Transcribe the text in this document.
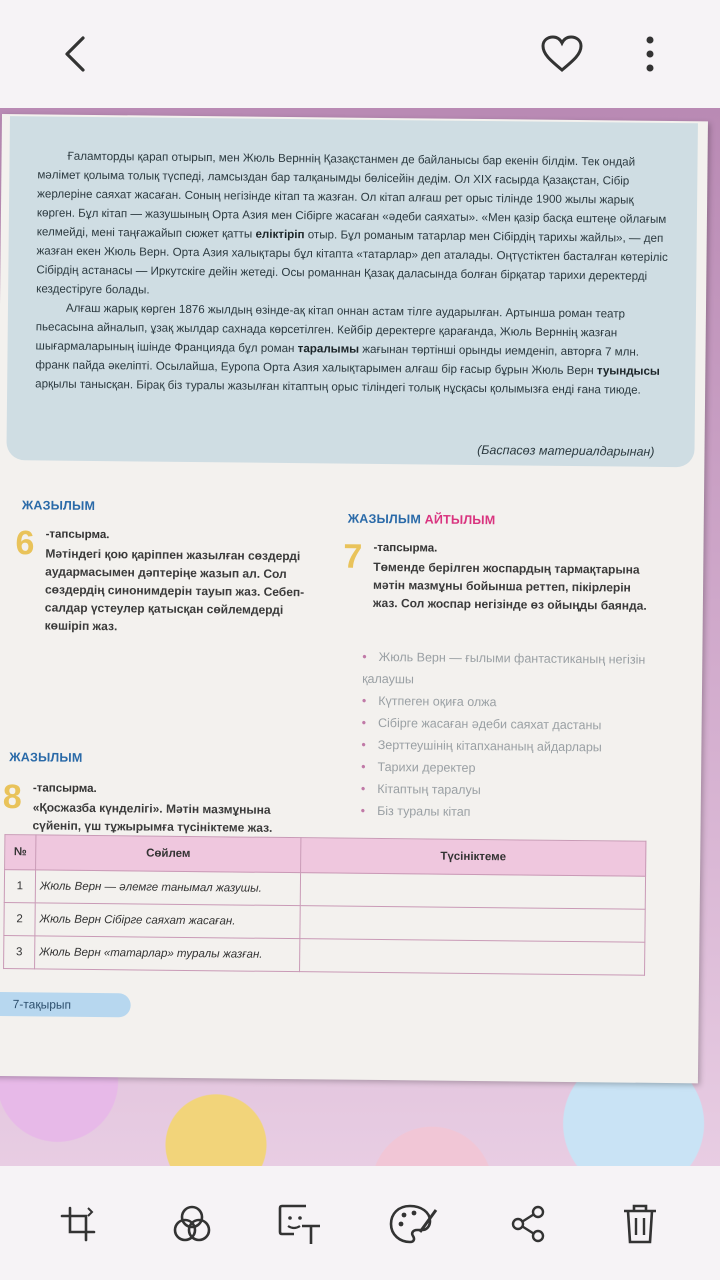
Ғаламторды қарап отырып, мен Жюль Верннің Қазақстанмен де байланысы бар екенін білдім. Тек ондай мәлімет қолыма толық түспеді, ламсыздан бар талқанымды бөлісейін дедім. Ол XIX ғасырда Қазақстан, Сібір жерлеріне саяхат жасаған. Соның негізінде кітап та жазған. Ол кітап алғаш рет орыс тілінде 1900 жылы жарық көрген. Бұл кітап — жазушының Орта Азия мен Сібірге жасаған «әдеби саяхаты». «Мен қазір басқа ештеңе ойлағым келмейді, мені таңғажайып сюжет қатты еліктіріп отыр. Бұл романым татарлар мен Сібірдің тарихы жайлы», — деп жазған екен Жюль Верн. Орта Азия халықтары бұл кітапта «татарлар» деп аталады. Оңтүстіктен басталған көтеріліс Сібірдің астанасы — Иркутскіге дейін жетеді. Осы романнан Қазақ даласында болған бірқатар тарихи деректерді кездестіруге болады.

Алғаш жарық көрген 1876 жылдың өзінде-ақ кітап оннан астам тілге аударылған. Артынша роман театр пьесасына айналып, ұзақ жылдар сахнада көрсетілген. Кейбір деректерге қарағанда, Жюль Верннің жазған шығармаларының ішінде Францияда бұл роман таралымы жағынан төртінші орынды иемденіп, авторға 7 млн. франк пайда әкеліпті. Осылайша, Еуропа Орта Азия халықтарымен алғаш бір ғасыр бұрын Жюль Верн туындысы арқылы танысқан. Бірақ біз туралы жазылған кітаптың орыс тіліндегі толық нұсқасы қолымызға енді ғана тиюде.

(Баспасөз материалдарынан)
ЖАЗЫЛЫМ
6 -тапсырма.
Мәтіндегі қою қаріппен жазылған сөздерді аудармасымен дәптеріңе жазып ал. Сол сөздердің синонимдерін тауып жаз. Себеп-салдар үстеулер қатысқан сөйлемдерді көшіріп жаз.
ЖАЗЫЛЫМ АЙТЫЛЫМ
7 -тапсырма.
Төменде берілген жоспардың тармақтарына мәтін мазмұны бойынша реттеп, пікірлерін жаз. Сол жоспар негізінде өз ойыңды баянда.
• Жюль Верн — ғылыми фантастиканың негізін қалаушы
• Күтпеген оқиға олжа
• Сібірге жасаған әдеби саяхат дастаны
• Зерттеушінің кітапхананың айдарлары
• Тарихи деректер
• Кітаптың таралуы
• Біз туралы кітап
ЖАЗЫЛЫМ
8 -тапсырма.
«Қосжазба күнделігі». Мәтін мазмұнына сүйеніп, үш тұжырымға түсініктеме жаз.
№	Сөйлем	Түсініктеме
1	Жюль Верн — әлемге танымал жазушы.	
2	Жюль Верн Сібірге саяхат жасаған.	
3	Жюль Верн «татарлар» туралы жазған.	
7-тақырып
